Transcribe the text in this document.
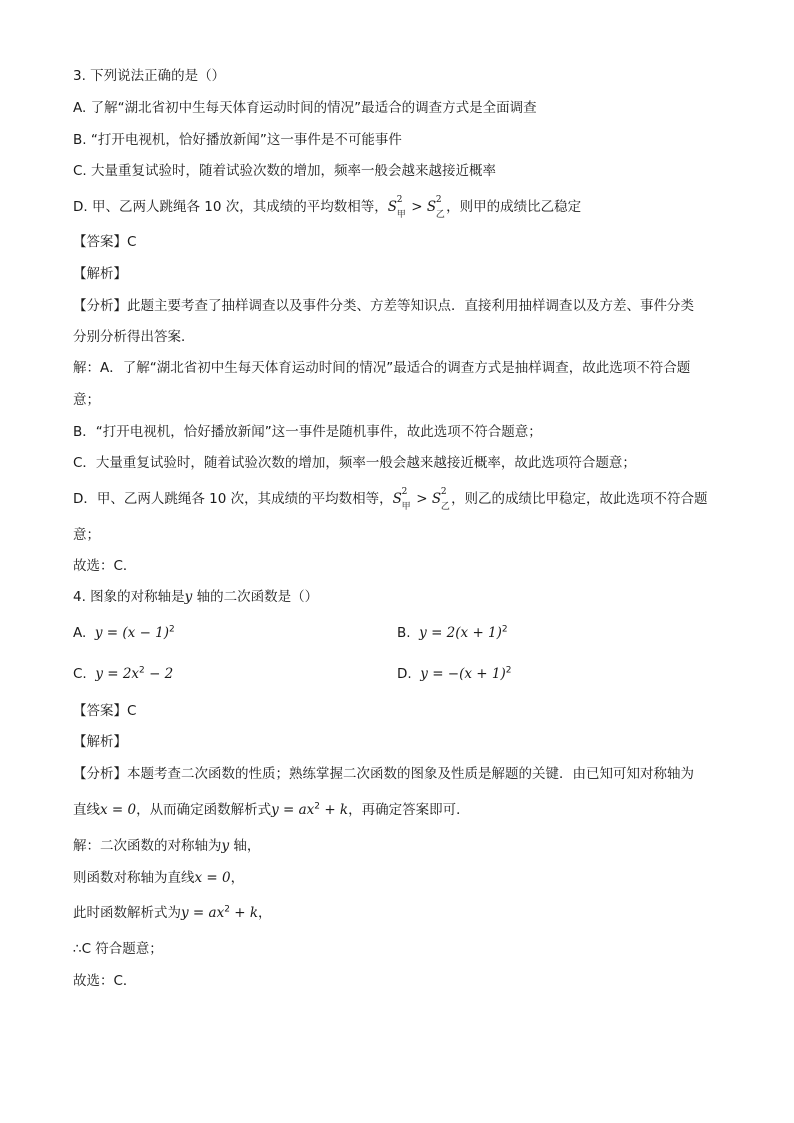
3. 下列说法正确的是（）
A. 了解“湖北省初中生每天体育运动时间的情况”最适合的调查方式是全面调查
B. “打开电视机，恰好播放新闻”这一事件是不可能事件
C. 大量重复试验时，随着试验次数的增加，频率一般会越来越接近概率
D. 甲、乙两人跳绳各 10 次，其成绩的平均数相等，S 2
甲 > S 2
乙 ，则甲的成绩比乙稳定
【答案】C
【解析】
【分析】此题主要考查了抽样调查以及事件分类、方差等知识点．直接利用抽样调查以及方差、事件分类
分别分析得出答案．
解：A．了解“湖北省初中生每天体育运动时间的情况”最适合的调查方式是抽样调查，故此选项不符合题
意；
B．“打开电视机，恰好播放新闻”这一事件是随机事件，故此选项不符合题意；
C．大量重复试验时，随着试验次数的增加，频率一般会越来越接近概率，故此选项符合题意；
D．甲、乙两人跳绳各 10 次，其成绩的平均数相等，S 2
甲 > S 2
乙 ，则乙的成绩比甲稳定，故此选项不符合题
意；
故选：C．
4. 图象的对称轴是y 轴的二次函数是（）
A. $y = (x - 1)^2$	B. $y = 2(x + 1)^2$
C. $y = 2x^2 - 2$	D. $y = -(x + 1)^2$
【答案】C
【解析】
【分析】本题考查二次函数的性质；熟练掌握二次函数的图象及性质是解题的关键．由已知可知对称轴为
直线x = 0，从而确定函数解析式$y = ax^2 + k$，再确定答案即可．
解：二次函数的对称轴为y 轴，
则函数对称轴为直线x = 0，
此时函数解析式为$y = ax^2 + k$，
∴C 符合题意；
故选：C．
